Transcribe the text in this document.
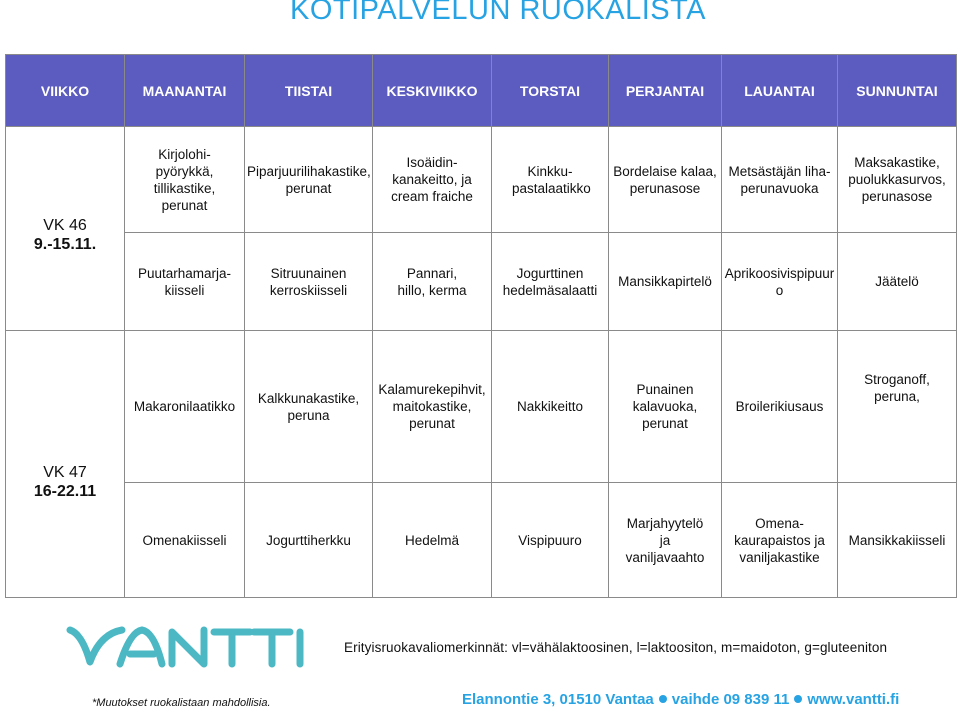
KOTIPALVELUN RUOKALISTA
VIIKKO	MAANANTAI	TIISTAI	KESKIVIIKKO	TORSTAI	PERJANTAI	LAUANTAI	SUNNUNTAI

VK 46
9.-15.11.	Kirjolohi-pyörykkä, tillikastike, perunat	Piparjuurilihakastike, perunat	Isoäidin-kanakeitto, ja cream fraiche	Kinkku-pastalaatikko	Bordelaise kalaa, perunasose	Metsästäjän liha-perunavuoka	Maksakastike, puolukkasurvos, perunasose
	Puutarhamarja-kiisseli	Sitruunainen kerroskiisseli	Pannari, hillo, kerma	Jogurttinen hedelmäsalaatti	Mansikkapirtelö	Aprikoosivispipuuro	Jäätelö

VK 47
16-22.11	Makaronilaatikko	Kalkkunakastike, peruna	Kalamurekepihvit, maitokastike, perunat	Nakkikeitto	Punainen kalavuoka, perunat	Broilerikiusaus	Stroganoff, peruna,
	Omenakiisseli	Jogurttiherkku	Hedelmä	Vispipuuro	Marjahyytelö ja vaniljavaahto	Omena-kaurapaistos ja vaniljakastike	Mansikkakiisseli
VANTTI
Erityisruokavaliomerkinnät: vl=vähälaktoosinen, l=laktoositon, m=maidoton, g=gluteeniton
*Muutokset ruokalistaan mahdollisia.	Elannontie 3, 01510 Vantaa vaihde 09 839 11 www.vantti.fi
